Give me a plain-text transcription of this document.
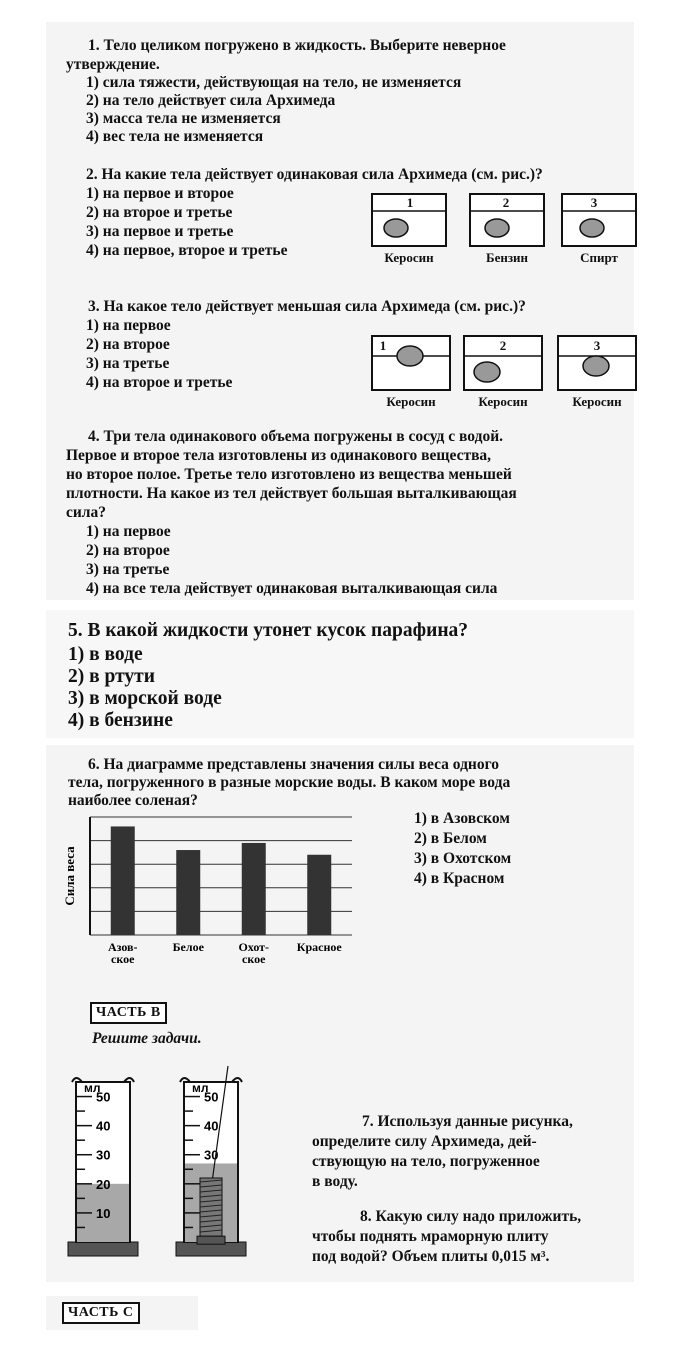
1. Тело целиком погружено в жидкость. Выберите неверное
утверждение.
1) сила тяжести, действующая на тело, не изменяется
2) на тело действует сила Архимеда
3) масса тела не изменяется
4) вес тела не изменяется
2. На какие тела действует одинаковая сила Архимеда (см. рис.)?
1) на первое и второе
2) на второе и третье
3) на первое и третье
4) на первое, второе и третье
1	2	3
Керосин	Бензин	Спирт
3. На какое тело действует меньшая сила Архимеда (см. рис.)?
1) на первое
2) на второе
3) на третье
4) на второе и третье
1	2	3
Керосин	Керосин	Керосин
4. Три тела одинакового объема погружены в сосуд с водой.
Первое и второе тела изготовлены из одинакового вещества,
но второе полое. Третье тело изготовлено из вещества меньшей
плотности. На какое из тел действует большая выталкивающая
сила?
1) на первое
2) на второе
3) на третье
4) на все тела действует одинаковая выталкивающая сила
5. В какой жидкости утонет кусок парафина?
1) в воде
2) в ртути
3) в морской воде
4) в бензине
6. На диаграмме представлены значения силы веса одного
тела, погруженного в разные морские воды. В каком море вода
наиболее соленая?
1) в Азовском
2) в Белом
3) в Охотском
4) в Красном
Сила веса
Азов-
ское
Белое	Охот-
ское
Красное
ЧАСТЬ В
Решите задачи.
50
40
30
20
10
мл
50
40
30
мл
7. Используя данные рисунка,
определите силу Архимеда, дей-
ствующую на тело, погруженное
в воду.
8. Какую силу надо приложить,
чтобы поднять мраморную плиту
под водой? Объем плиты 0,015 м³.
ЧАСТЬ С
